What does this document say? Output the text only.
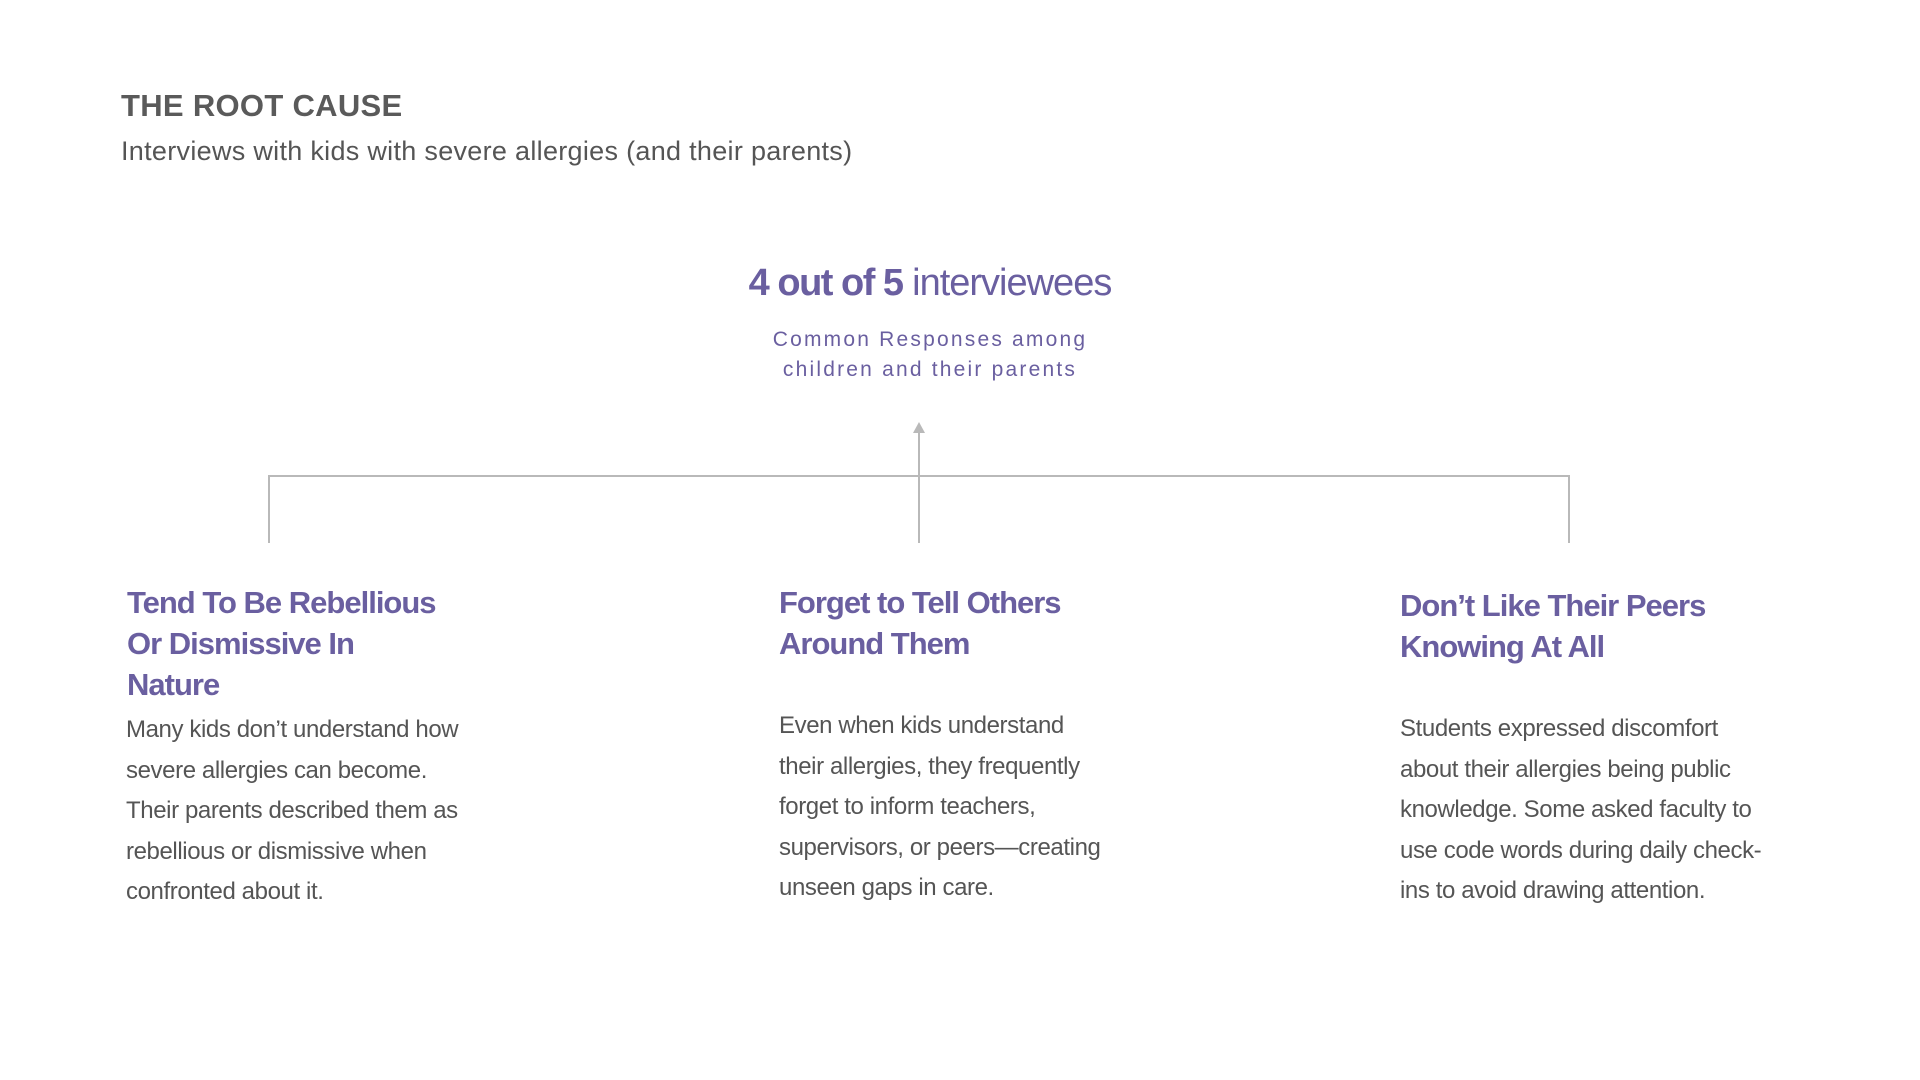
THE ROOT CAUSE
Interviews with kids with severe allergies (and their parents)
4 out of 5 interviewees
Common Responses among
children and their parents
Tend To Be Rebellious
Or Dismissive In
Nature
Many kids don’t understand how
severe allergies can become.
Their parents described them as
rebellious or dismissive when
confronted about it.
Forget to Tell Others
Around Them
Even when kids understand
their allergies, they frequently
forget to inform teachers,
supervisors, or peers—creating
unseen gaps in care.
Don’t Like Their Peers
Knowing At All
Students expressed discomfort
about their allergies being public
knowledge. Some asked faculty to
use code words during daily check-
ins to avoid drawing attention.
